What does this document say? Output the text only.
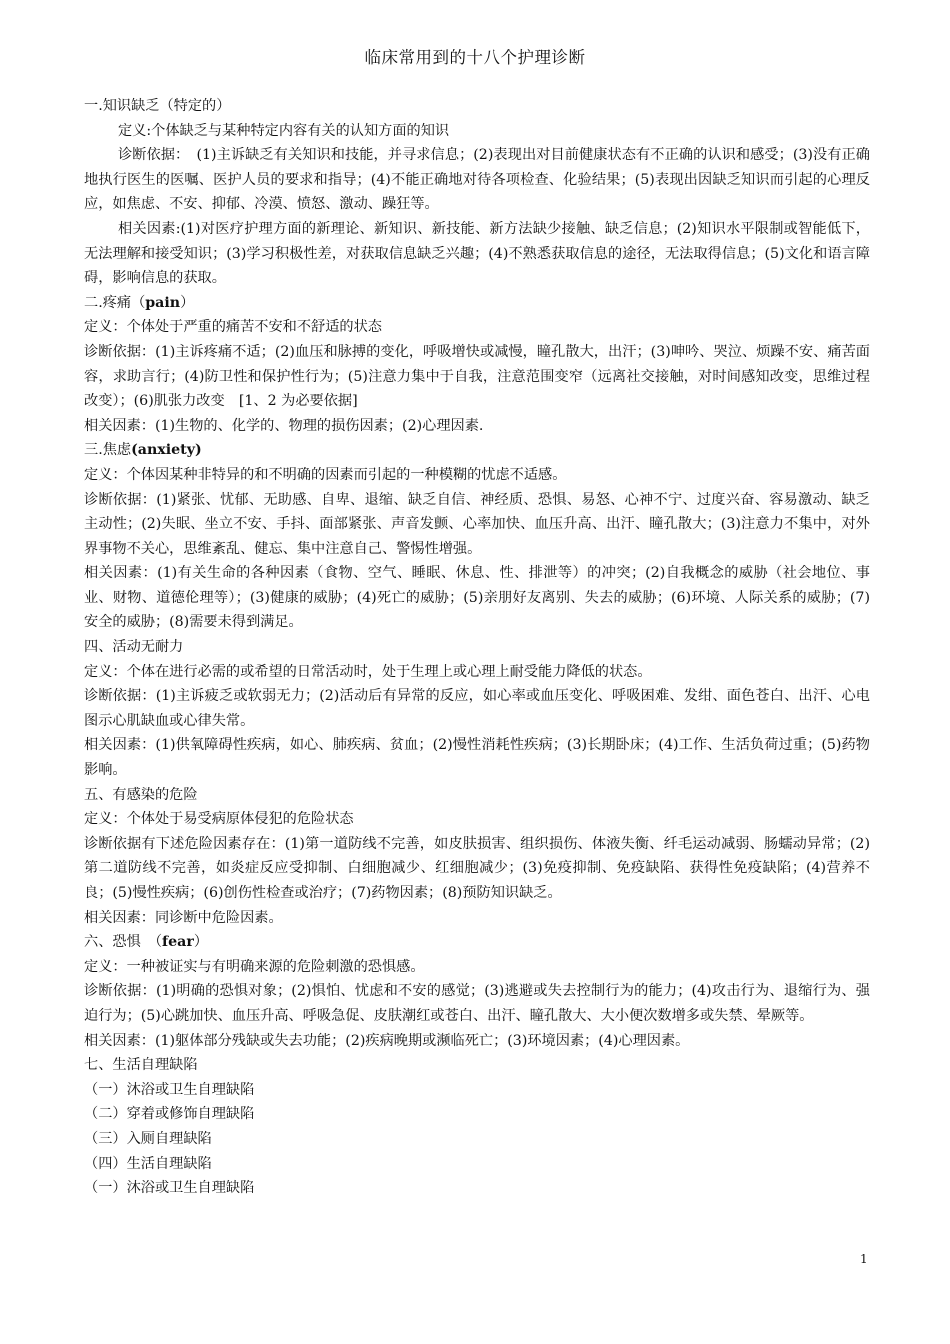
临床常用到的十八个护理诊断

一.知识缺乏（特定的）

定义:个体缺乏与某种特定内容有关的认知方面的知识

诊断依据：　(1)主诉缺乏有关知识和技能，并寻求信息；(2)表现出对目前健康状态有不正确的认识和感受；(3)没有正确地执行医生的医嘱、医护人员的要求和指导；(4)不能正确地对待各项检查、化验结果；(5)表现出因缺乏知识而引起的心理反应，如焦虑、不安、抑郁、冷漠、愤怒、激动、躁狂等。

相关因素:(1)对医疗护理方面的新理论、新知识、新技能、新方法缺少接触、缺乏信息；(2)知识水平限制或智能低下，无法理解和接受知识；(3)学习积极性差，对获取信息缺乏兴趣；(4)不熟悉获取信息的途径，无法取得信息；(5)文化和语言障碍，影响信息的获取。

二.疼痛（pain）

定义：个体处于严重的痛苦不安和不舒适的状态

诊断依据：(1)主诉疼痛不适；(2)血压和脉搏的变化，呼吸增快或减慢，瞳孔散大，出汗；(3)呻吟、哭泣、烦躁不安、痛苦面容，求助言行；(4)防卫性和保护性行为；(5)注意力集中于自我，注意范围变窄（远离社交接触，对时间感知改变，思维过程改变）；(6)肌张力改变　[1、2 为必要依据]

相关因素：(1)生物的、化学的、物理的损伤因素；(2)心理因素.

三.焦虑(anxiety)

定义：个体因某种非特异的和不明确的因素而引起的一种模糊的忧虑不适感。

诊断依据：(1)紧张、忧郁、无助感、自卑、退缩、缺乏自信、神经质、恐惧、易怒、心神不宁、过度兴奋、容易激动、缺乏主动性；(2)失眠、坐立不安、手抖、面部紧张、声音发颤、心率加快、血压升高、出汗、瞳孔散大；(3)注意力不集中，对外界事物不关心，思维紊乱、健忘、集中注意自己、警惕性增强。

相关因素：(1)有关生命的各种因素（食物、空气、睡眠、休息、性、排泄等）的冲突；(2)自我概念的威胁（社会地位、事业、财物、道德伦理等）；(3)健康的威胁；(4)死亡的威胁；(5)亲朋好友离别、失去的威胁；(6)环境、人际关系的威胁；(7)安全的威胁；(8)需要未得到满足。

四、活动无耐力

定义：个体在进行必需的或希望的日常活动时，处于生理上或心理上耐受能力降低的状态。

诊断依据：(1)主诉疲乏或软弱无力；(2)活动后有异常的反应，如心率或血压变化、呼吸困难、发绀、面色苍白、出汗、心电图示心肌缺血或心律失常。

相关因素：(1)供氧障碍性疾病，如心、肺疾病、贫血；(2)慢性消耗性疾病；(3)长期卧床；(4)工作、生活负荷过重；(5)药物影响。

五、有感染的危险

定义：个体处于易受病原体侵犯的危险状态

诊断依据有下述危险因素存在：(1)第一道防线不完善，如皮肤损害、组织损伤、体液失衡、纤毛运动减弱、肠蠕动异常；(2)第二道防线不完善，如炎症反应受抑制、白细胞减少、红细胞减少；(3)免疫抑制、免疫缺陷、获得性免疫缺陷；(4)营养不良；(5)慢性疾病；(6)创伤性检查或治疗；(7)药物因素；(8)预防知识缺乏。

相关因素：同诊断中危险因素。

六、恐惧　（fear）

定义：一种被证实与有明确来源的危险刺激的恐惧感。

诊断依据：(1)明确的恐惧对象；(2)惧怕、忧虑和不安的感觉；(3)逃避或失去控制行为的能力；(4)攻击行为、退缩行为、强迫行为；(5)心跳加快、血压升高、呼吸急促、皮肤潮红或苍白、出汗、瞳孔散大、大小便次数增多或失禁、晕厥等。

相关因素：(1)躯体部分残缺或失去功能；(2)疾病晚期或濒临死亡；(3)环境因素；(4)心理因素。

七、生活自理缺陷

（一）沐浴或卫生自理缺陷

（二）穿着或修饰自理缺陷

（三）入厕自理缺陷

（四）生活自理缺陷

（一）沐浴或卫生自理缺陷

1
